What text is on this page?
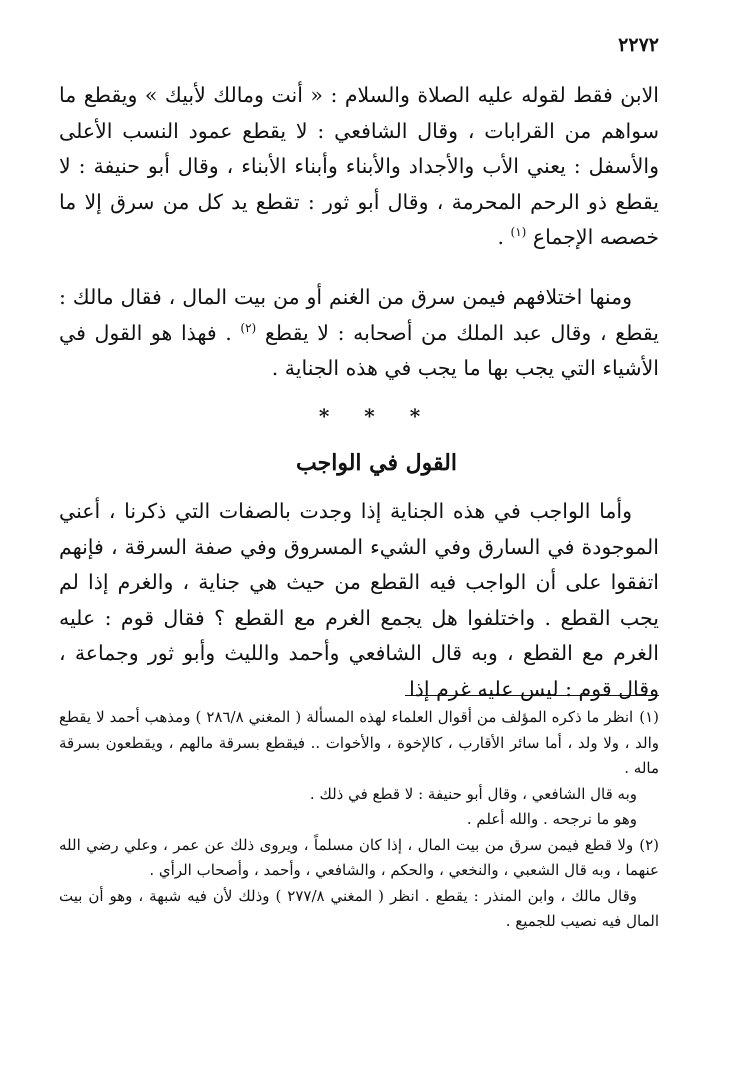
٢٢٧٢

الابن فقط لقوله عليه الصلاة والسلام : « أنت ومالك لأبيك » ويقطع ما سواهم من القرابات ، وقال الشافعي : لا يقطع عمود النسب الأعلى والأسفل : يعني الأب والأجداد والأبناء وأبناء الأبناء ، وقال أبو حنيفة : لا يقطع ذو الرحم المحرمة ، وقال أبو ثور : تقطع يد كل من سرق إلا ما خصصه الإجماع $^{(١)}$ .

ومنها اختلافهم فيمن سرق من الغنم أو من بيت المال ، فقال مالك : يقطع ، وقال عبد الملك من أصحابه : لا يقطع $^{(٢)}$ . فهذا هو القول في الأشياء التي يجب بها ما يجب في هذه الجناية .

* * *
القول في الواجب

وأما الواجب في هذه الجناية إذا وجدت بالصفات التي ذكرنا ، أعني الموجودة في السارق وفي الشيء المسروق وفي صفة السرقة ، فإنهم اتفقوا على أن الواجب فيه القطع من حيث هي جناية ، والغرم إذا لم يجب القطع . واختلفوا هل يجمع الغرم مع القطع ؟ فقال قوم : عليه الغرم مع القطع ، وبه قال الشافعي وأحمد والليث وأبو ثور وجماعة ، وقال قوم : ليس عليه غرم إذا

(١)انظر ما ذكره المؤلف من أقوال العلماء لهذه المسألة ( المغني ٢٨٦/٨ ) ومذهب أحمد لا يقطع والد ، ولا ولد ، أما سائر الأقارب ، كالإخوة ، والأخوات .. فيقطع بسرقة مالهم ، ويقطعون بسرقة ماله .

وبه قال الشافعي ، وقال أبو حنيفة : لا قطع في ذلك .

وهو ما نرجحه . والله أعلم .

(٢)ولا قطع فيمن سرق من بيت المال ، إذا كان مسلماً ، ويروى ذلك عن عمر ، وعلي رضي الله عنهما ، وبه قال الشعبي ، والنخعي ، والحكم ، والشافعي ، وأحمد ، وأصحاب الرأي .

وقال مالك ، وابن المنذر : يقطع . انظر ( المغني ٢٧٧/٨ ) وذلك لأن فيه شبهة ، وهو أن بيت المال فيه نصيب للجميع .
